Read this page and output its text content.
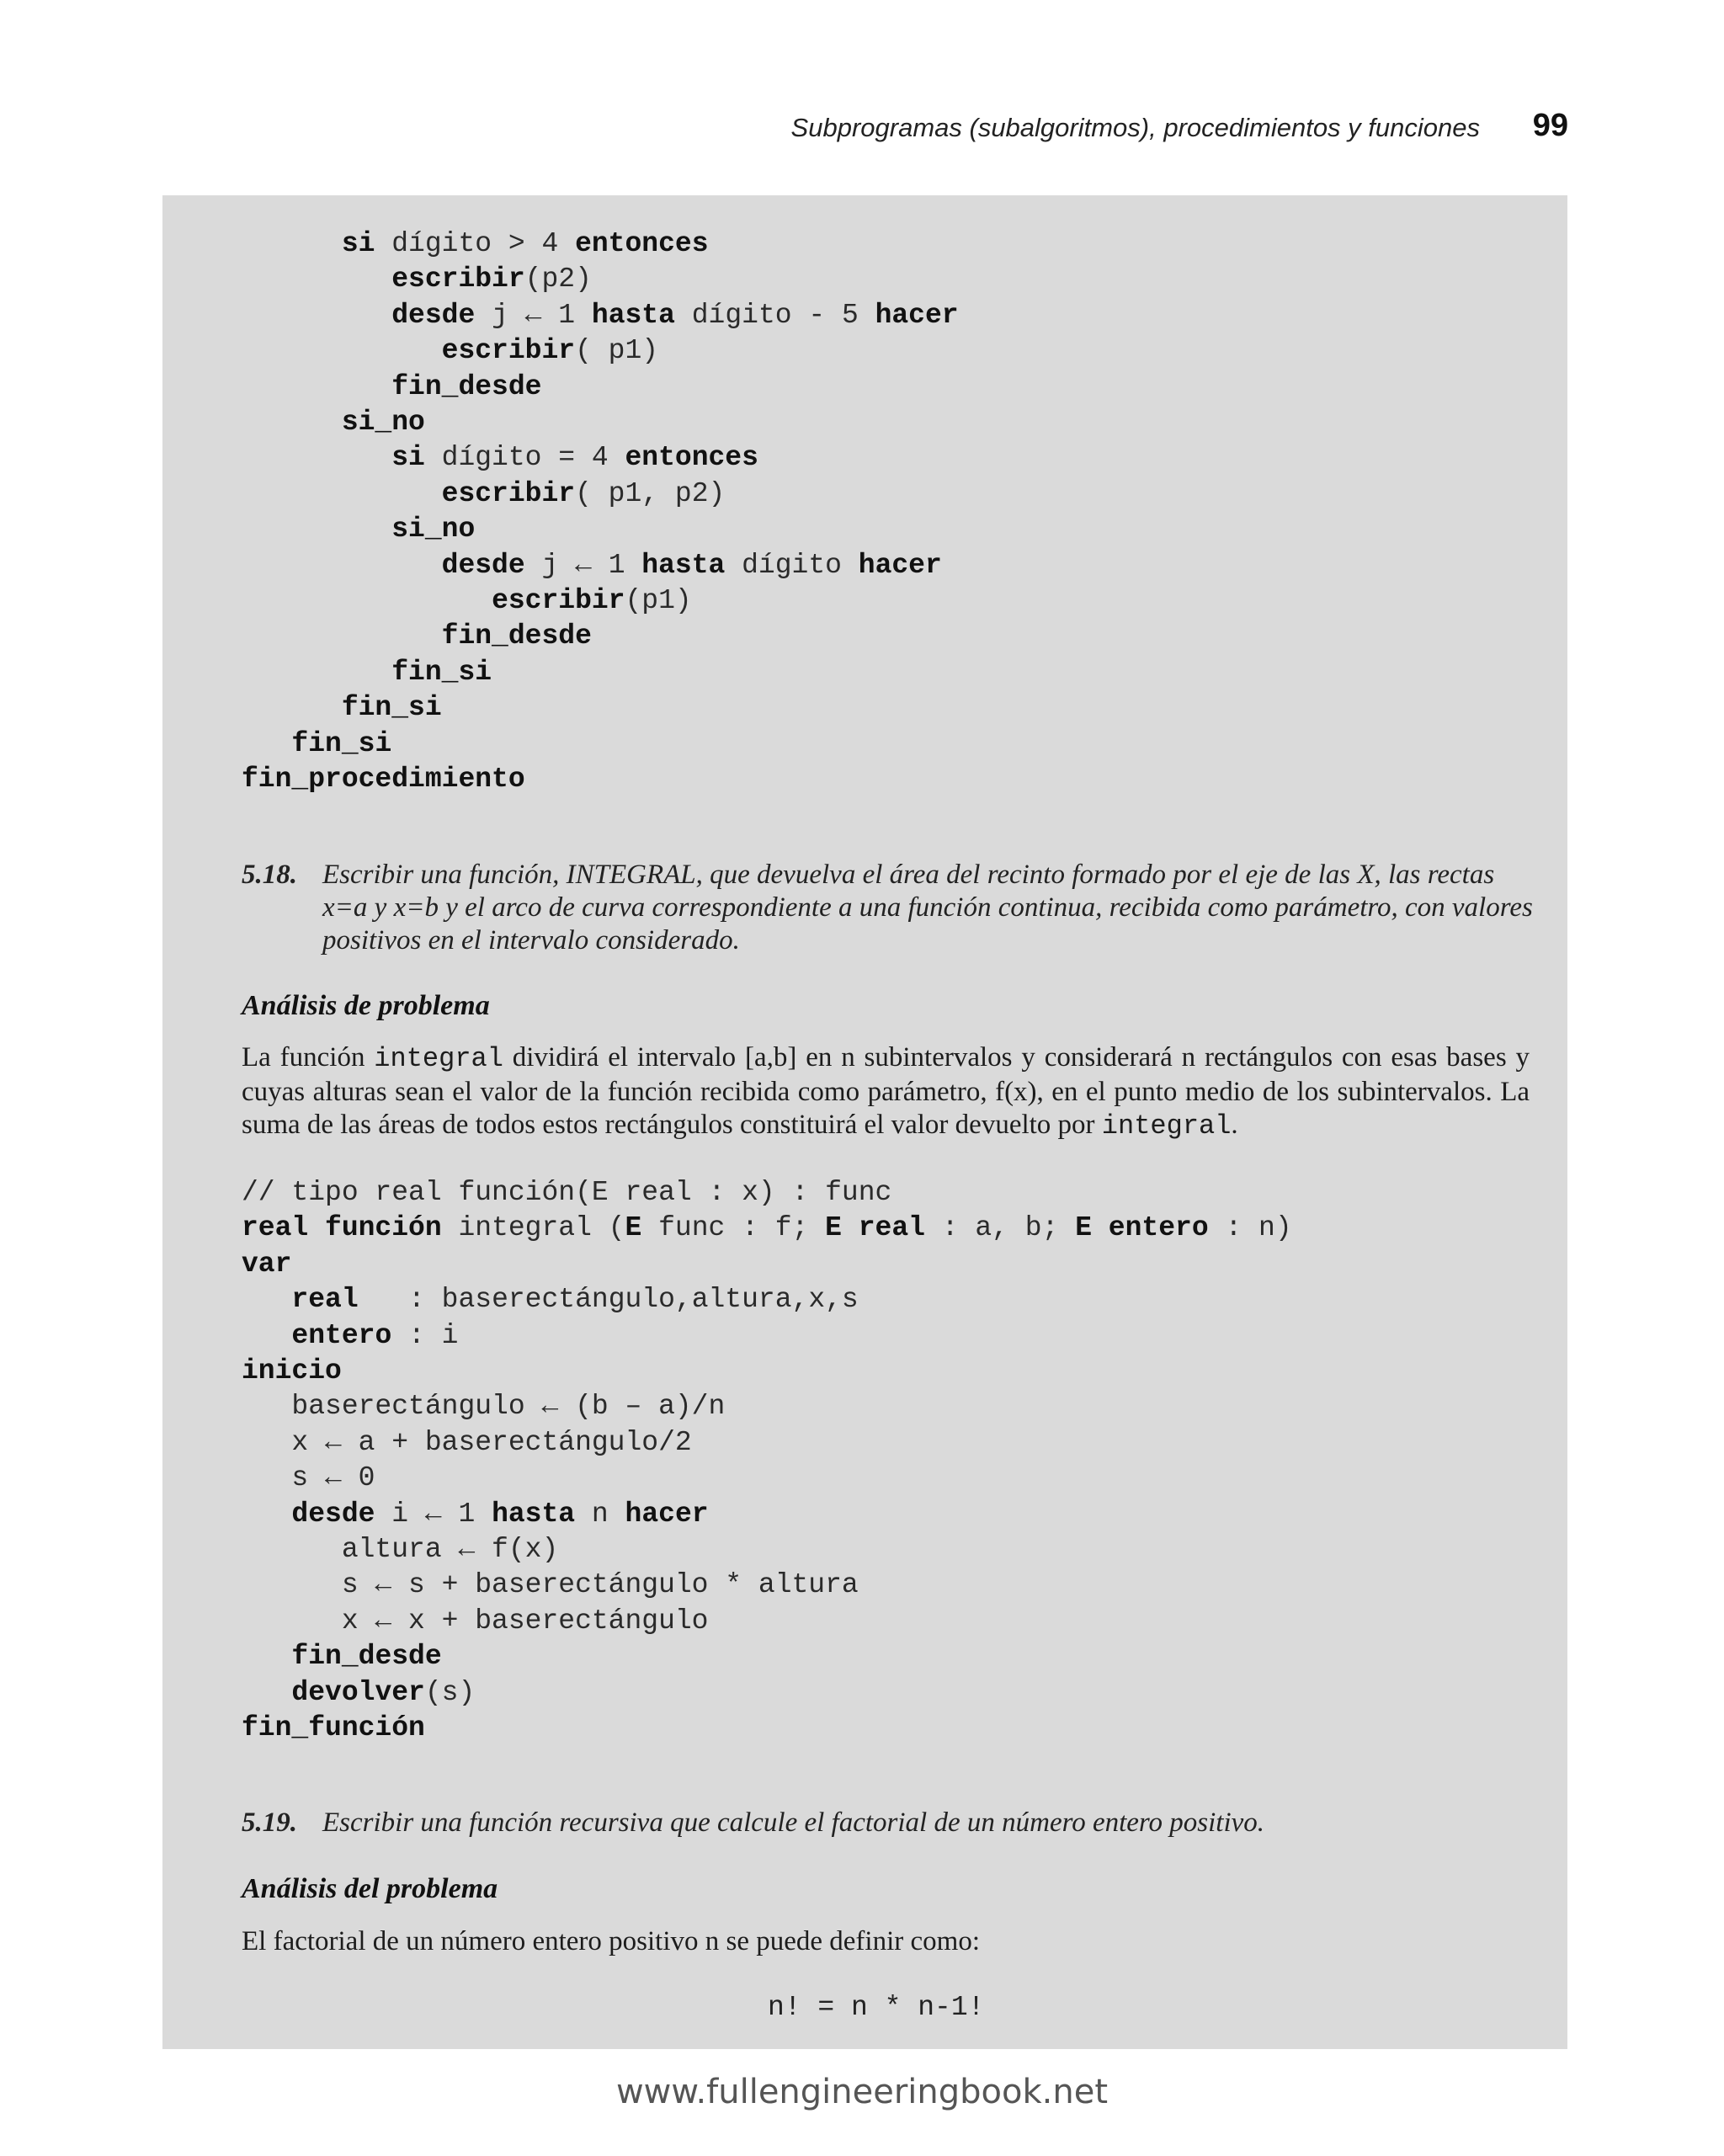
Subprogramas (subalgoritmos), procedimientos y funciones 99
si dígito > 4 entonces
escribir(p2)
desde j ← 1 hasta dígito - 5 hacer
escribir( p1)
fin_desde
si_no
si dígito = 4 entonces
escribir( p1, p2)
si_no
desde j ← 1 hasta dígito hacer
escribir(p1)
fin_desde
fin_si
fin_si
fin_si
fin_procedimiento
5.18. Escribir una función, INTEGRAL, que devuelva el área del recinto formado por el eje de las X, las rectas x=a y x=b y el arco de curva correspondiente a una función continua, recibida como parámetro, con valores positivos en el intervalo considerado.
Análisis de problema
La función integral dividirá el intervalo [a,b] en n subintervalos y considerará n rectángulos con esas bases y cuyas alturas sean el valor de la función recibida como parámetro, f(x), en el punto medio de los subintervalos. La suma de las áreas de todos estos rectángulos constituirá el valor devuelto por integral.
// tipo real función(E real : x) : func
real función integral (E func : f; E real : a, b; E entero : n)
var
real   : baserectángulo,altura,x,s
entero : i
inicio
baserectángulo ← (b – a)/n
x ← a + baserectángulo/2
s ← 0
desde i ← 1 hasta n hacer
altura ← f(x)
s ← s + baserectángulo * altura
x ← x + baserectángulo
fin_desde
devolver(s)
fin_función
5.19. Escribir una función recursiva que calcule el factorial de un número entero positivo.
Análisis del problema
El factorial de un número entero positivo n se puede definir como:
n! = n * n-1!
www.fullengineeringbook.net
